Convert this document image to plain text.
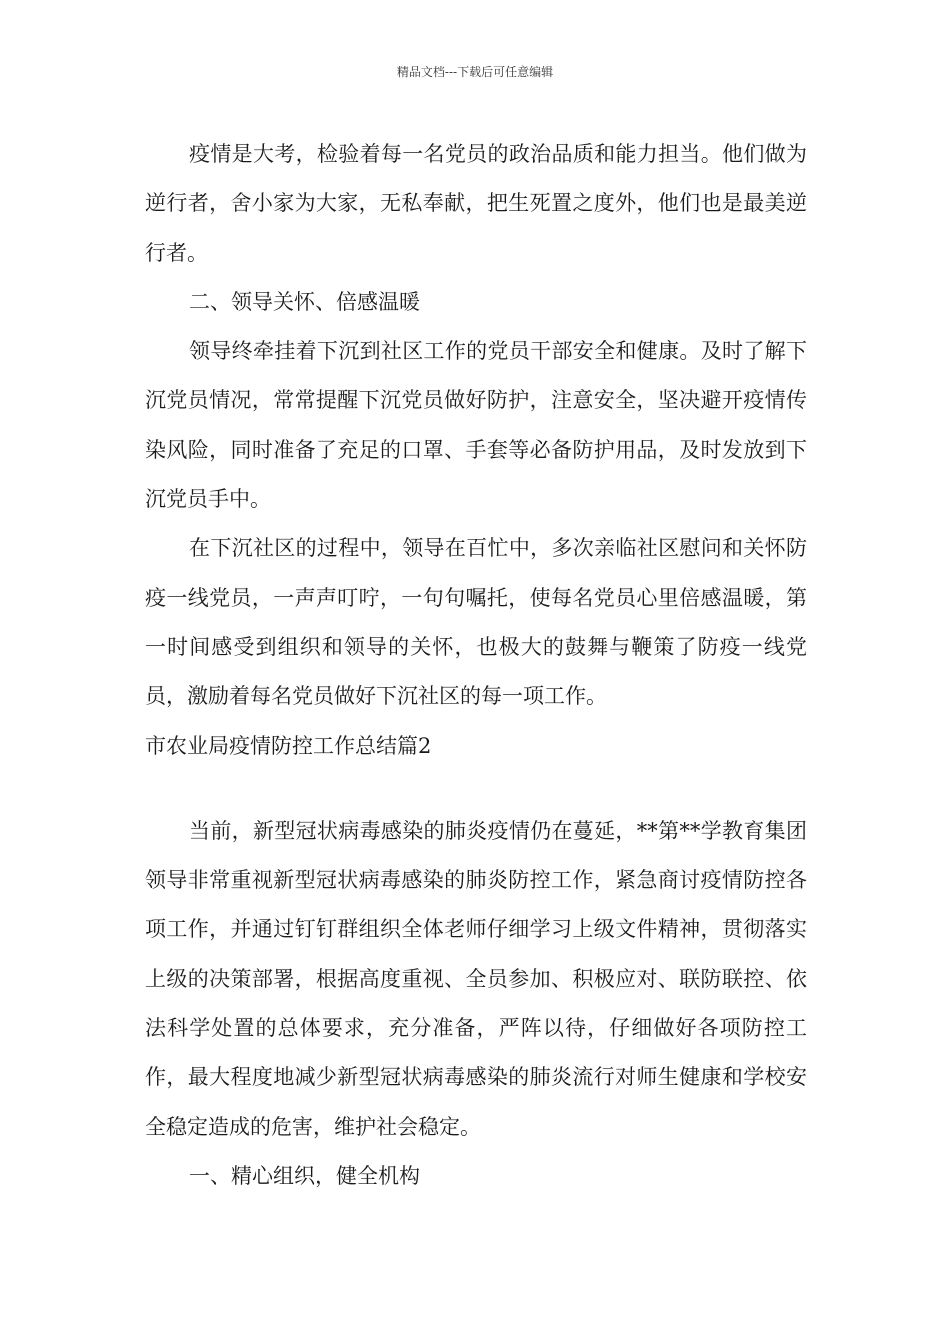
精品文档---下载后可任意编辑

疫情是大考，检验着每一名党员的政治品质和能力担当。他们做为逆行者，舍小家为大家，无私奉献，把生死置之度外，他们也是最美逆行者。

二、领导关怀、倍感温暖

领导终牵挂着下沉到社区工作的党员干部安全和健康。及时了解下沉党员情况，常常提醒下沉党员做好防护，注意安全，坚决避开疫情传染风险，同时准备了充足的口罩、手套等必备防护用品，及时发放到下沉党员手中。

在下沉社区的过程中，领导在百忙中，多次亲临社区慰问和关怀防疫一线党员，一声声叮咛，一句句嘱托，使每名党员心里倍感温暖，第一时间感受到组织和领导的关怀，也极大的鼓舞与鞭策了防疫一线党员，激励着每名党员做好下沉社区的每一项工作。

市农业局疫情防控工作总结篇2

当前，新型冠状病毒感染的肺炎疫情仍在蔓延，**第**学教育集团领导非常重视新型冠状病毒感染的肺炎防控工作，紧急商讨疫情防控各项工作，并通过钉钉群组织全体老师仔细学习上级文件精神，贯彻落实上级的决策部署，根据高度重视、全员参加、积极应对、联防联控、依法科学处置的总体要求，充分准备，严阵以待，仔细做好各项防控工作，最大程度地减少新型冠状病毒感染的肺炎流行对师生健康和学校安全稳定造成的危害，维护社会稳定。

一、精心组织，健全机构
